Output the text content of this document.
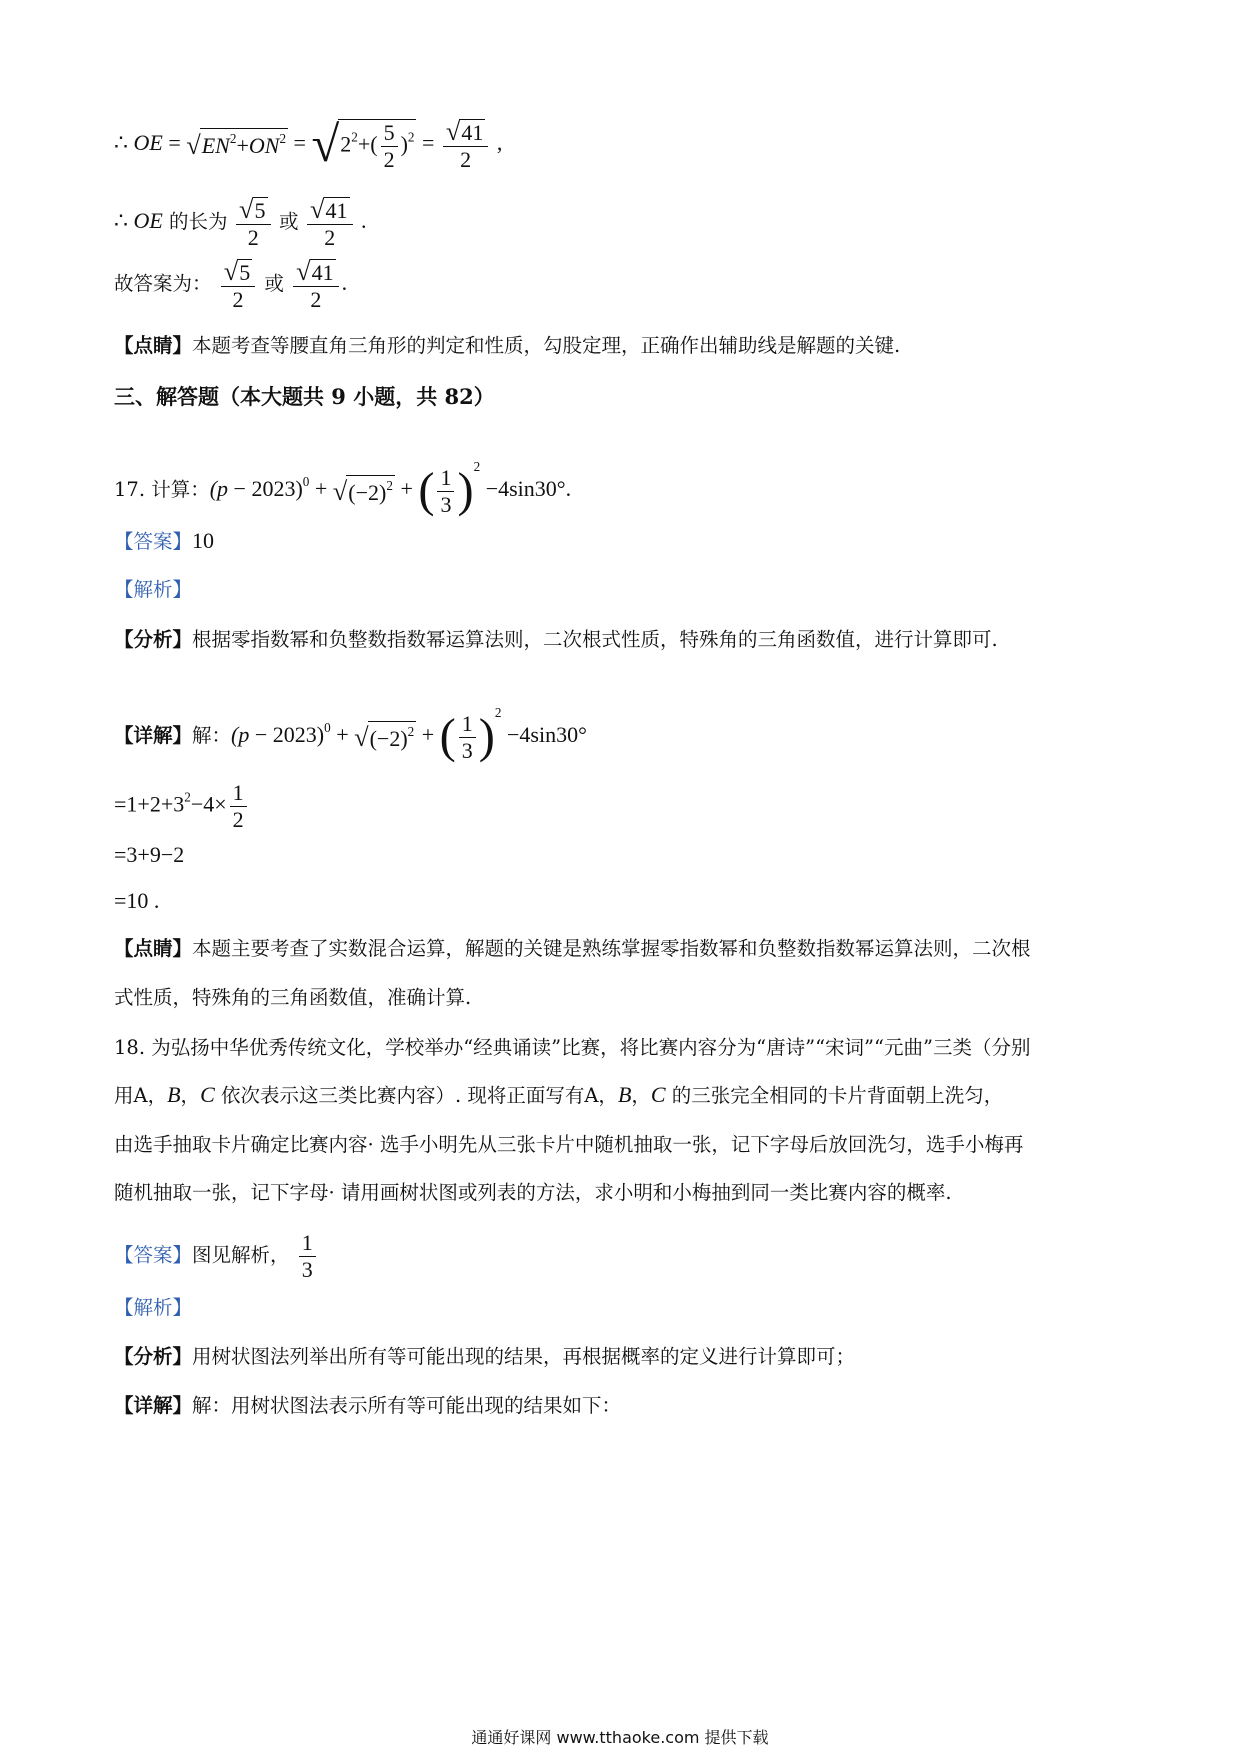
∴ OE = $√EN^2+ON^2 = √2^2+( \frac{5}{2} )^2 = \frac{√41}{2}$ ,
∴ OE 的长为 $\frac{√5}{2}$ 或 $\frac{√41}{2}$ .
故答案为： $\frac{√5}{2}$ 或 $\frac{√41}{2}$ .
【点睛】本题考查等腰直角三角形的判定和性质，勾股定理，正确作出辅助线是解题的关键.
三、解答题（本大题共 9 小题，共 82）
17. 计算：$(p - 2023)^0 + √(-2)^2$ + ( $\frac{1}{3} )^2 -4\sin 30^\circ$.
【答案】10
【解析】
【分析】根据零指数幂和负整数指数幂运算法则，二次根式性质，特殊角的三角函数值，进行计算即可.
【详解】解：$(p - 2023)^0 + √(-2)^2$ + ( $\frac{1}{3} )^2 -4\sin 30^\circ$
$=1+2+3^2-4\times \frac{1}{2}$
=3+9−2
=10 .
【点睛】本题主要考查了实数混合运算，解题的关键是熟练掌握零指数幂和负整数指数幂运算法则，二次根
式性质，特殊角的三角函数值，准确计算.
18. 为弘扬中华优秀传统文化，学校举办“经典诵读”比赛，将比赛内容分为“唐诗”“宋词”“元曲”三类（分别
用A，B，C 依次表示这三类比赛内容）. 现将正面写有A，B，C 的三张完全相同的卡片背面朝上洗匀，
由选手抽取卡片确定比赛内容· 选手小明先从三张卡片中随机抽取一张，记下字母后放回洗匀，选手小梅再
随机抽取一张，记下字母· 请用画树状图或列表的方法，求小明和小梅抽到同一类比赛内容的概率.
【答案】图见解析， $\frac{1}{3}$
【解析】
【分析】用树状图法列举出所有等可能出现的结果，再根据概率的定义进行计算即可；
【详解】解：用树状图法表示所有等可能出现的结果如下：
通通好课网 www.tthaoke.com 提供下载
